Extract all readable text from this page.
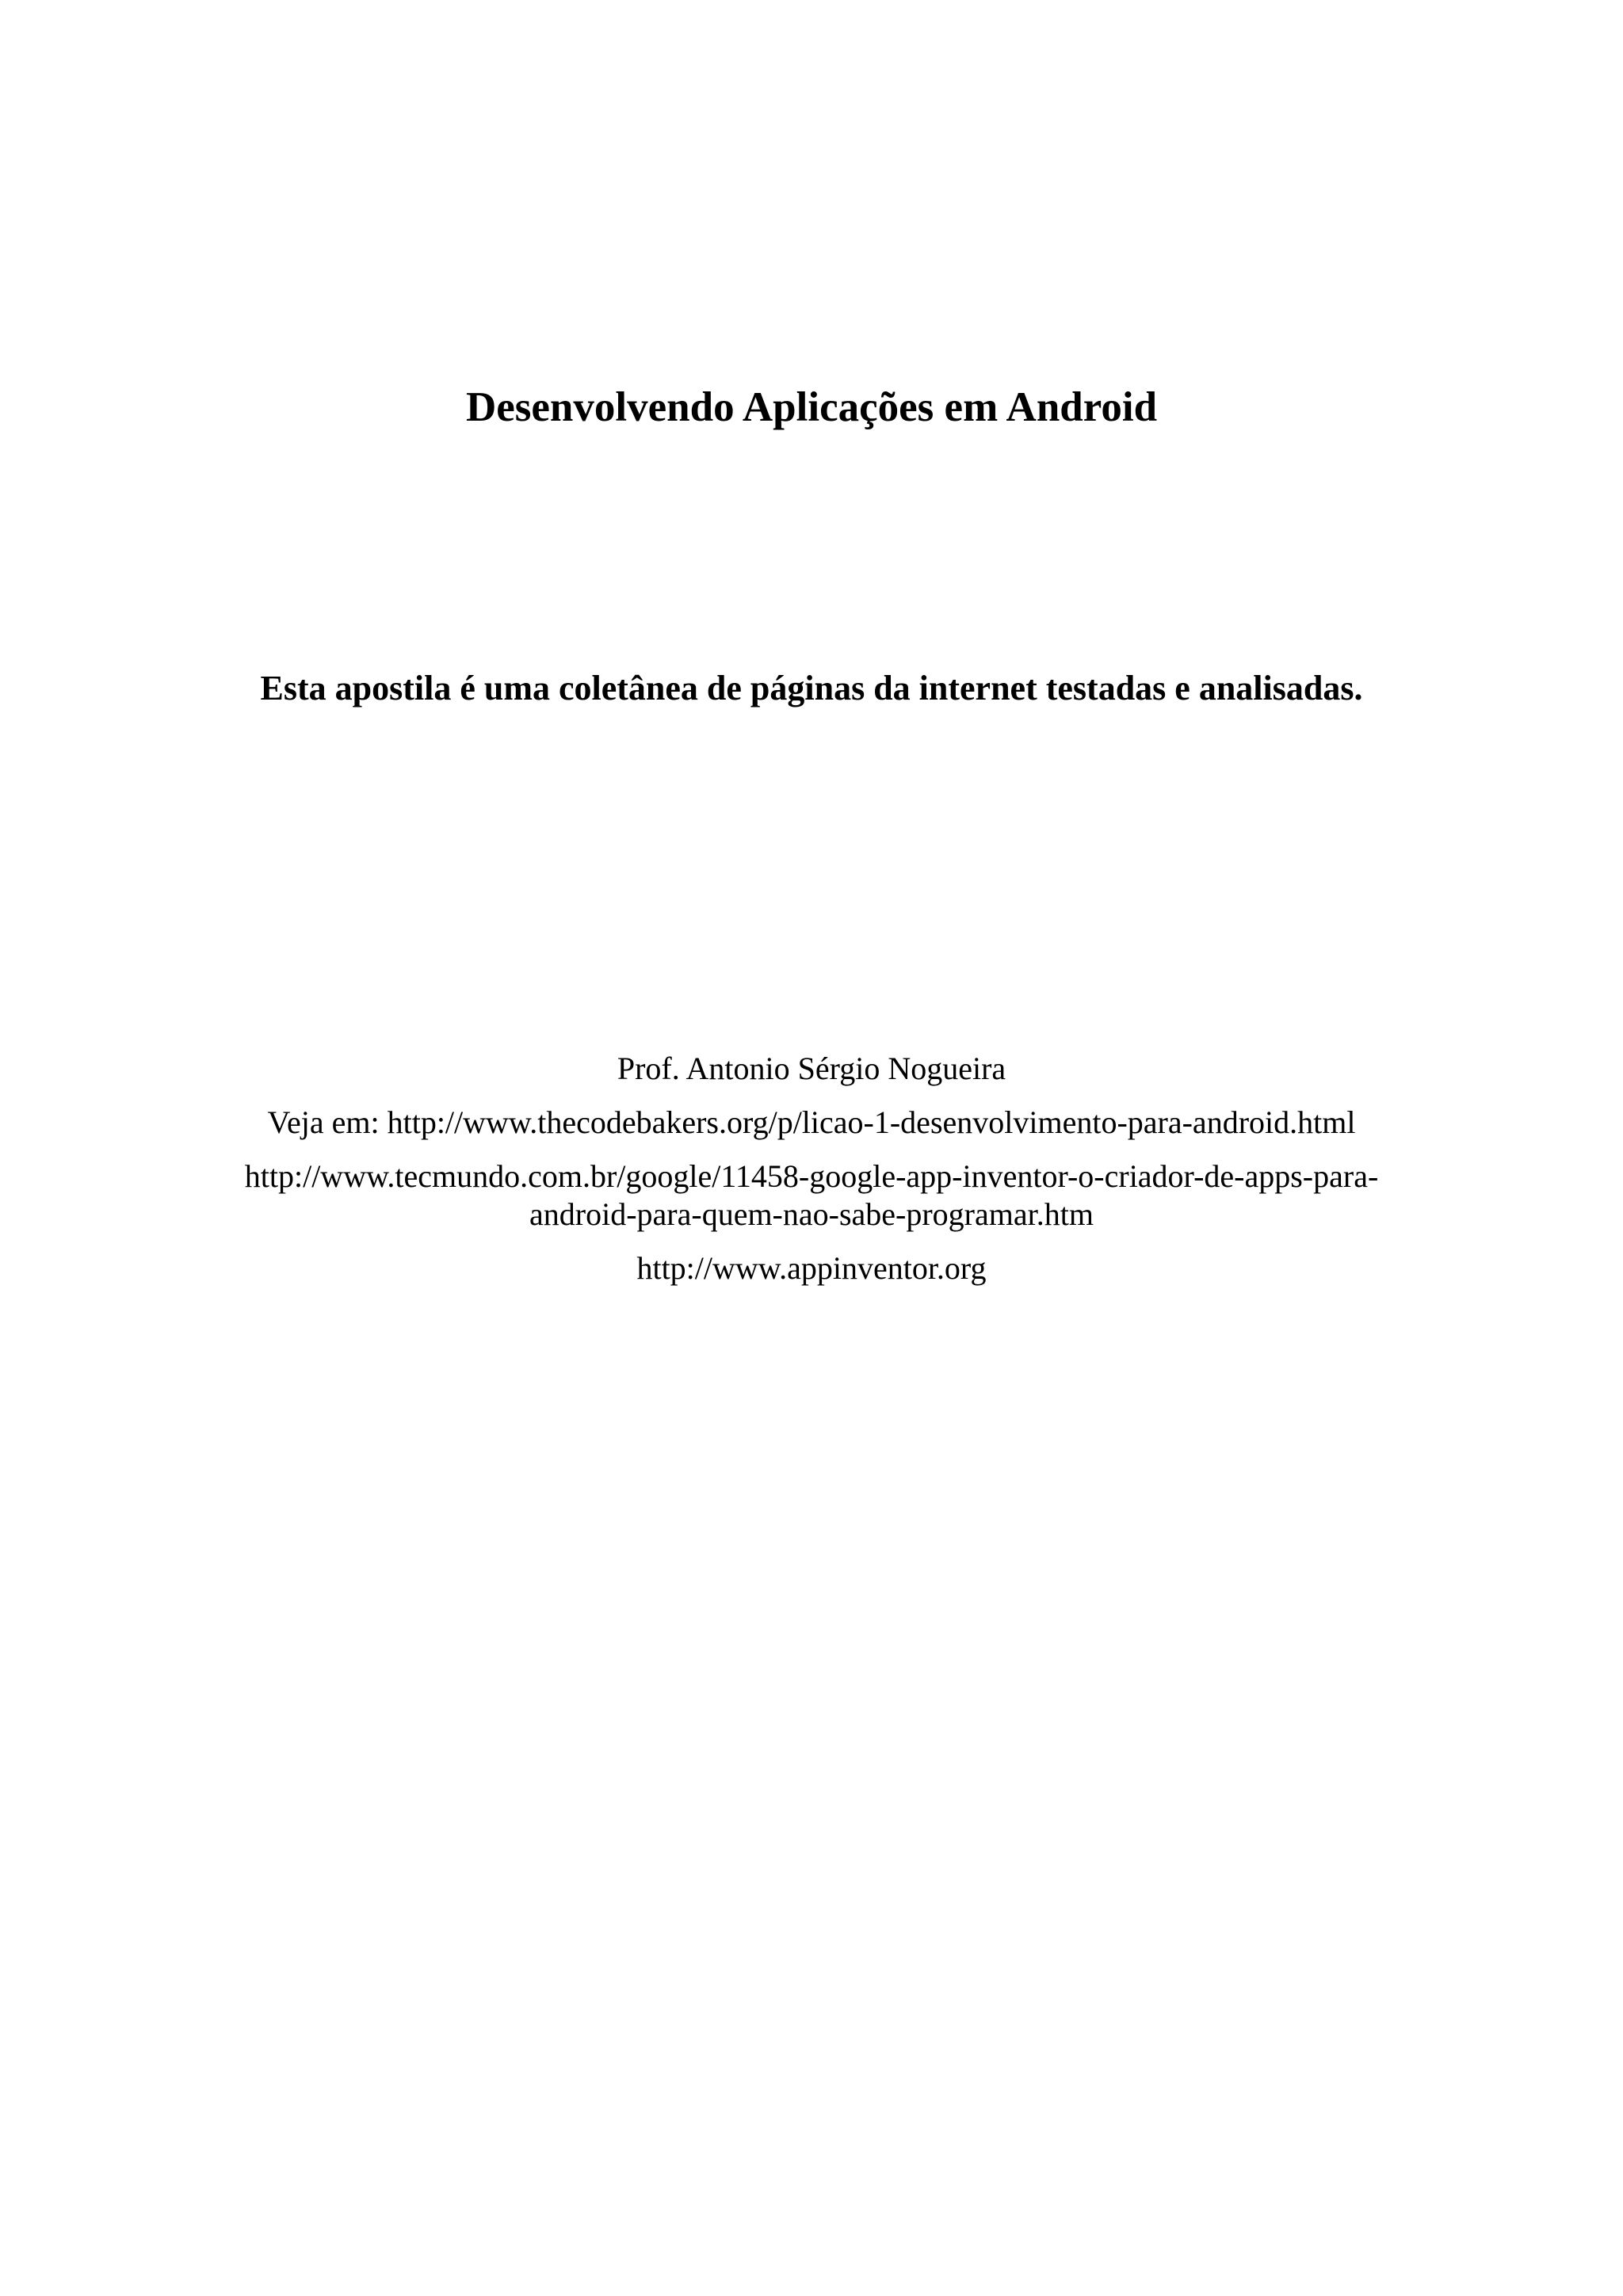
Desenvolvendo Aplicações em Android
Esta apostila é uma coletânea de páginas da internet testadas e analisadas.

Prof. Antonio Sérgio Nogueira

Veja em: http://www.thecodebakers.org/p/licao-1-desenvolvimento-para-android.html

http://www.tecmundo.com.br/google/11458-google-app-inventor-o-criador-de-apps-para-android-para-quem-nao-sabe-programar.htm

http://www.appinventor.org
